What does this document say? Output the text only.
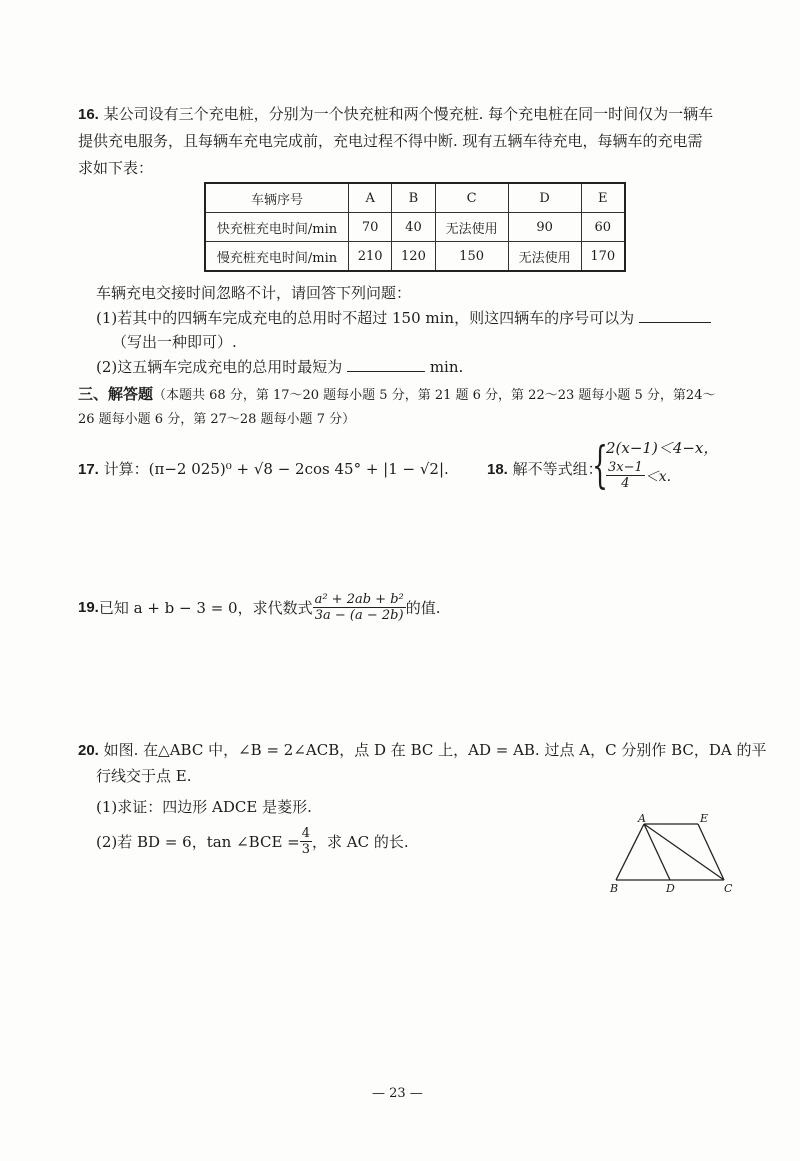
16. 某公司设有三个充电桩，分别为一个快充桩和两个慢充桩. 每个充电桩在同一时间仅为一辆车
提供充电服务，且每辆车充电完成前，充电过程不得中断. 现有五辆车待充电，每辆车的充电需
求如下表：
车辆序号	A	B	C	D	E
快充桩充电时间/min	70	40	无法使用	90	60
慢充桩充电时间/min	210	120	150	无法使用	170
车辆充电交接时间忽略不计，请回答下列问题：
(1)若其中的四辆车完成充电的总用时不超过 150 min，则这四辆车的序号可以为
（写出一种即可）.
(2)这五辆车完成充电的总用时最短为	min.
三、解答题（本题共 68 分，第 17～20 题每小题 5 分，第 21 题 6 分，第 22～23 题每小题 5 分，第24～
26 题每小题 6 分，第 27～28 题每小题 7 分）
17. 计算：(π−2 025)⁰ + √8 − 2cos 45° + |1 − √2|.	18. 解不等式组：
{
2(x−1)＜4−x，
$\frac{3x-1}{4} <x$.
19. 已知 a + b − 3 = 0，求代数式 $\frac{\text{a² + 2ab + b²}}{3a - (a - 2b)}$ 的值.
20. 如图. 在△ABC 中，∠B = 2∠ACB，点 D 在 BC 上，AD = AB. 过点 A，C 分别作 BC，DA 的平
行线交于点 E.
(1)求证：四边形 ADCE 是菱形.
(2)若 BD = 6，tan ∠BCE = $\frac{4}{3}$ ，求 AC 的长.
A	E
B	D	C
— 23 —
